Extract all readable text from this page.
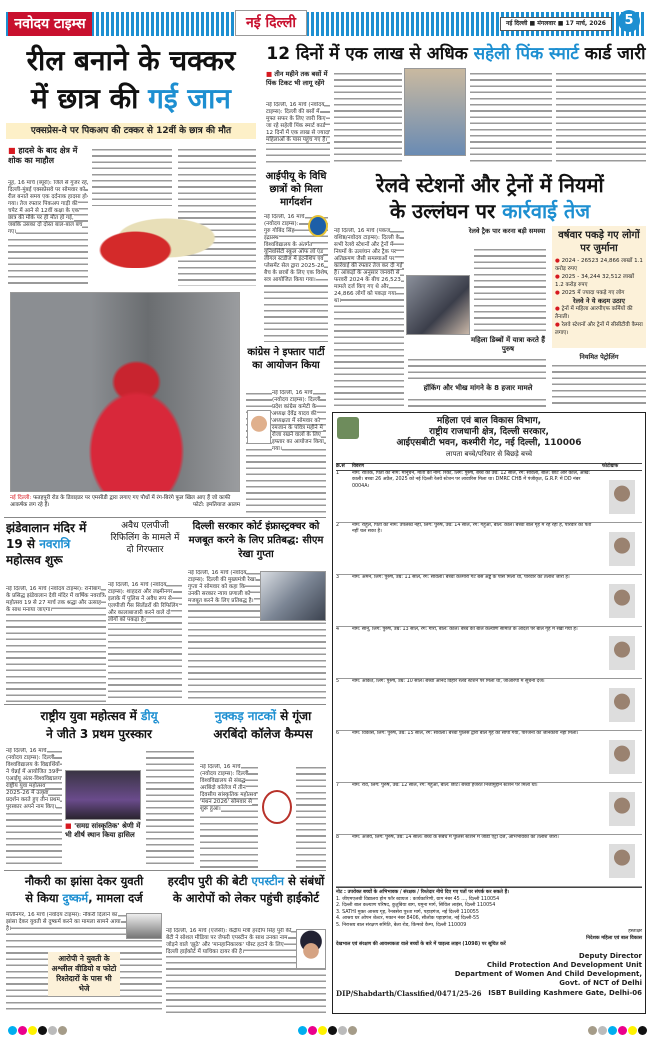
नवोदय टाइम्स	नई दिल्ली	नई दिल्ली ■ मंगलवार ■ 17 मार्च, 2026	5
रील बनाने के चक्कर
में छात्र की गई जान
एक्सप्रेस-वे पर पिकअप की टक्कर से 12वीं के छात्र की मौत
■ हादसे के बाद क्षेत्र में शोक का माहौल
नूंह, 16 मार्च (ब्यूरो): जिले से गुजर रहे दिल्ली-मुंबई एक्सप्रेसवे पर सोमवार को रील बनाते समय एक दर्दनाक हादसा हो गया। तेज रफ्तार पिकअप गाड़ी की चपेट में आने से 12वीं कक्षा के एक छात्र की मौके पर ही मौत हो गई, जबकि उसका दो दोस्त बाल-बाल बच गए।
12 दिनों में एक लाख से अधिक सहेली पिंक स्मार्ट कार्ड जारी
■ तीन महीने तक बसों में पिंक टिकट भी लागू रहेंगे
नई दिल्ली, 16 मार्च (नवोदय टाइम्स): दिल्ली की बसों में मुफ्त सफर के लिए जारी किए जा रहे सहेली पिंक स्मार्ट कार्ड 12 दिनों में एक लाख से ज्यादा महिलाओं के पास पहुंच गए हैं।
आईपीयू के विधि छात्रों को मिला मार्गदर्शन
नई दिल्ली, 16 मार्च (नवोदय टाइम्स): गुरु गोबिंद सिंह इंद्रप्रस्थ विश्वविद्यालय के अंतर्गत यूनिवर्सिटी स्कूल ऑफ लॉ एंड लीगल स्टडीज में इंटर्नशिप एवं प्लेसमेंट सेल द्वारा 2025-26 बैच के छात्रों के लिए एक विशेष सत्र आयोजित किया गया।
रेलवे स्टेशनों और ट्रेनों में नियमों
के उल्लंघन पर कार्रवाई तेज
नई दिल्ली, 16 मार्च (पंकज वशिष्ठ/नवोदय टाइम्स): दिल्ली के सभी रेलवे स्टेशनों और ट्रेनों में नियमों के उल्लंघन और ट्रैक पर अतिक्रमण जैसी समस्याओं पर कार्रवाई की रफ्तार तेज कर दी गई है। आंकड़ों के अनुसार जनवरी से फरवरी 2024 के बीच 26,523 मामले दर्ज किए गए थे और 24,866 लोगों को पकड़ा गया था।
रेलवे ट्रैक पार करना बड़ी समस्या
महिला डिब्बों में यात्रा करते हैं पुरुष
हॉकिंग और भीख मांगने के 8 हजार मामले
वर्षवार पकड़े गए लोगों पर जुर्माना
● 2024 - 26523 24,866 लाखों 1.1 करोड़ रुपए
● 2025 - 34,244 32,512 लाखों 1.2 करोड़ रुपए
● 2025 में ज्यादा पकड़े गए लोग
रेलवे ने ये कदम उठाए
● ट्रेनों में महिला आरपीएफ कर्मियों की तैनाती।
● रेलवे स्टेशनों और ट्रेनों में सीसीटीवी कैमरा लगाए।
नियमित पेट्रोलिंग
नई दिल्ली: फतहपुरी रोड के डिवाइडर पर एमसीडी द्वारा लगाए गए पौधों में रंग-बिरंगे फूल खिल आए हैं जो काफी आकर्षक लग रहे हैं।	फोटो: इमतियाज आलम
कांग्रेस ने इफ्तार पार्टी का आयोजन किया
नई दिल्ली, 16 मार्च (नवोदय टाइम्स): दिल्ली प्रदेश कांग्रेस कमेटी के अध्यक्ष देवेंद्र यादव की अध्यक्षता में सोमवार को रमजान के पवित्र महीने में रोजा रखने वालों के लिए इफ्तार का आयोजन किया गया।
झंडेवालान मंदिर में 19 से नवरात्रि महोत्सव शुरू
नई दिल्ली, 16 मार्च (नवोदय टाइम्स): रानीबाग के प्रसिद्ध झंडेवालान देवी मंदिर में वार्षिक नवरात्रि महोत्सव 19 से 27 मार्च तक श्रद्धा और उत्साह के साथ मनाया जाएगा।
अवैध एलपीजी रिफिलिंग के मामले में दो गिरफ्तार
नई दिल्ली, 16 मार्च (नवोदय टाइम्स): शाहदरा और लक्ष्मीनगर इलाके में पुलिस ने अवैध रूप से एलपीजी गैस सिलेंडरों की रिफिलिंग और कालाबाजारी करने वाले दो लोगों को पकड़ा है।
दिल्ली सरकार कोर्ट इंफ्रास्ट्रक्चर को मजबूत करने के लिए प्रतिबद्ध: सीएम रेखा गुप्ता
नई दिल्ली, 16 मार्च (नवोदय टाइम्स): दिल्ली की मुख्यमंत्री रेखा गुप्ता ने सोमवार को कहा कि उनकी सरकार न्याय प्रणाली को मजबूत करने के लिए प्रतिबद्ध है।
राष्ट्रीय युवा महोत्सव में डीयू
ने जीते 3 प्रथम पुरस्कार
नई दिल्ली, 16 मार्च (नवोदय टाइम्स): दिल्ली विश्वविद्यालय के विद्यार्थियों ने चेन्नई में आयोजित 39वें एआईयू अंतर-विश्वविद्यालय राष्ट्रीय युवा महोत्सव 2025-26 में उत्कृष्ट प्रदर्शन करते हुए तीन प्रथम पुरस्कार अपने नाम किए।
■ 'समग्र सांस्कृतिक' श्रेणी में भी शीर्ष स्थान किया हासिल
नुक्कड़ नाटकों से गूंजा अरबिंदो कॉलेज कैम्पस
नई दिल्ली, 16 मार्च (नवोदय टाइम्स): दिल्ली विश्वविद्यालय से संबद्ध अरबिंदो कॉलेज में तीन दिवसीय सांस्कृतिक महोत्सव 'मंथन 2026' सोमवार से शुरू हुआ।
नौकरी का झांसा देकर युवती
से किया दुष्कर्म, मामला दर्ज
मोतीनगर, 16 मार्च (नवोदय टाइम्स): नौकरी दिलाने का झांसा देकर युवती से दुष्कर्म करने का मामला सामने आया है।
आरोपी ने युवती के अश्लील वीडियो व फोटो रिश्तेदारों के पास भी भेजे
हरदीप पुरी की बेटी एपस्टीन से संबंधों के आरोपों को लेकर पहुंची हाईकोर्ट
नई दिल्ली, 16 मार्च (एजेंसी): केंद्रीय मंत्री हरदीप सिंह पुरी की बेटी ने सोशल मीडिया पर जेफरी एपस्टीन के साथ उनका नाम जोड़ने वाले 'झूठे' और 'मानहानिकारक' पोस्ट हटाने के लिए दिल्ली हाईकोर्ट में याचिका दायर की है।
महिला एवं बाल विकास विभाग,
राष्ट्रीय राजधानी क्षेत्र, दिल्ली सरकार,
आईएसबीटी भवन, कश्मीरी गेट, नई दिल्ली, 110006
लापता बच्चे/परिवार से बिछड़े बच्चे
क्र.सं	विवरण	फोटोग्राफ
1	नाम: रीतिक, पिता का नाम: मानूचेन, माता का नाम: रिंकी, लिंग: पुरुष, बच्चे की उम्र: 12 साल, रंग: सांवला, बाल: छोटे और काले, आंखें: काली। बच्चा 26 अप्रैल, 2025 को नई दिल्ली रेलवे स्टेशन पर लावारिस मिला था। DMRC CHB में पंजीकृत, G.R.P. में DD नंबर 0004A।
2	नाम: राहुल, पिता का नाम: उपलब्ध नहीं, लिंग: पुरुष, उम्र: 14 साल, रंग: गेहुंआ, बाल: काले। बच्चा बाल गृह में रह रहा है, परिवार का पता नहीं चल सका है।
3	नाम: अमन, लिंग: पुरुष, उम्र: 11 साल, रंग: सांवला। बच्चा कश्मीरी गेट बस अड्डे के पास मिला था, परिवार की तलाश जारी है।
4	नाम: सोनू, लिंग: पुरुष, उम्र: 13 साल, रंग: गोरा, बाल: काले। बच्चे को बाल कल्याण समिति के आदेश पर बाल गृह में रखा गया है।
5	नाम: अंकित, लिंग: पुरुष, उम्र: 10 साल। बच्चा आनंद विहार रेलवे स्टेशन पर मिला था, जीआरपी में सूचना दर्ज।
6	नाम: विकास, लिंग: पुरुष, उम्र: 15 साल, रंग: सांवला। बच्चा पुलिस द्वारा बाल गृह को सौंपा गया, परिजनों की जानकारी नहीं मिली।
7	नाम: रवि, लिंग: पुरुष, उम्र: 12 साल, रंग: गेहुंआ, बाल: छोटे। बच्चा हजरत निजामुद्दीन स्टेशन पर मिला था।
8	नाम: अजय, लिंग: पुरुष, उम्र: 14 साल। बच्चे के संबंध में पुलिस स्टेशन में जीडी एंट्री दर्ज, अभिभावकों की तलाश जारी।
नोट : उपरोक्त बच्चों के अभिभावक / संरक्षक / रिश्तेदार नीचे दिए गए पतों पर संपर्क कर सकते हैं।
1. जीएमएलबी विद्यालय होम फॉर ब्वायज : कार्यकारिणी, ग्राम नंबर 45 ..., दिल्ली 110054
2. दिल्ली बाल कल्याण परिषद, कुतुबिया बाग, यमुना मार्ग, सिविल लाइंस, दिल्ली 110054
3. SATHI मुक्त आश्रय गृह, रैनबसेरा पुश्ता मार्ग, पहाड़गंज, नई दिल्ली 110055
4. आश्रय घर ओपन शेल्टर, मकान नंबर 8406, सीलोक पहाड़गंज, नई दिल्ली-55
5. निराश्रय बाल संरक्षण समिति, बेला रोड, किंग्सवे कैम्प, दिल्ली 110009
हस्ताक्षर
निदेशक महिला एवं बाल विकास
देखभाल एवं संरक्षण की आवश्यकता वाले बच्चों के बारे में चाइल्ड लाइन (1098) पर सूचित करें
Deputy Director
Child Protection And Development Unit
Department of Women And Child Development,
Govt. of NCT of Delhi
DIP/Shabdarth/Classified/0471/25-26 ISBT Building Kashmere Gate, Delhi-06
